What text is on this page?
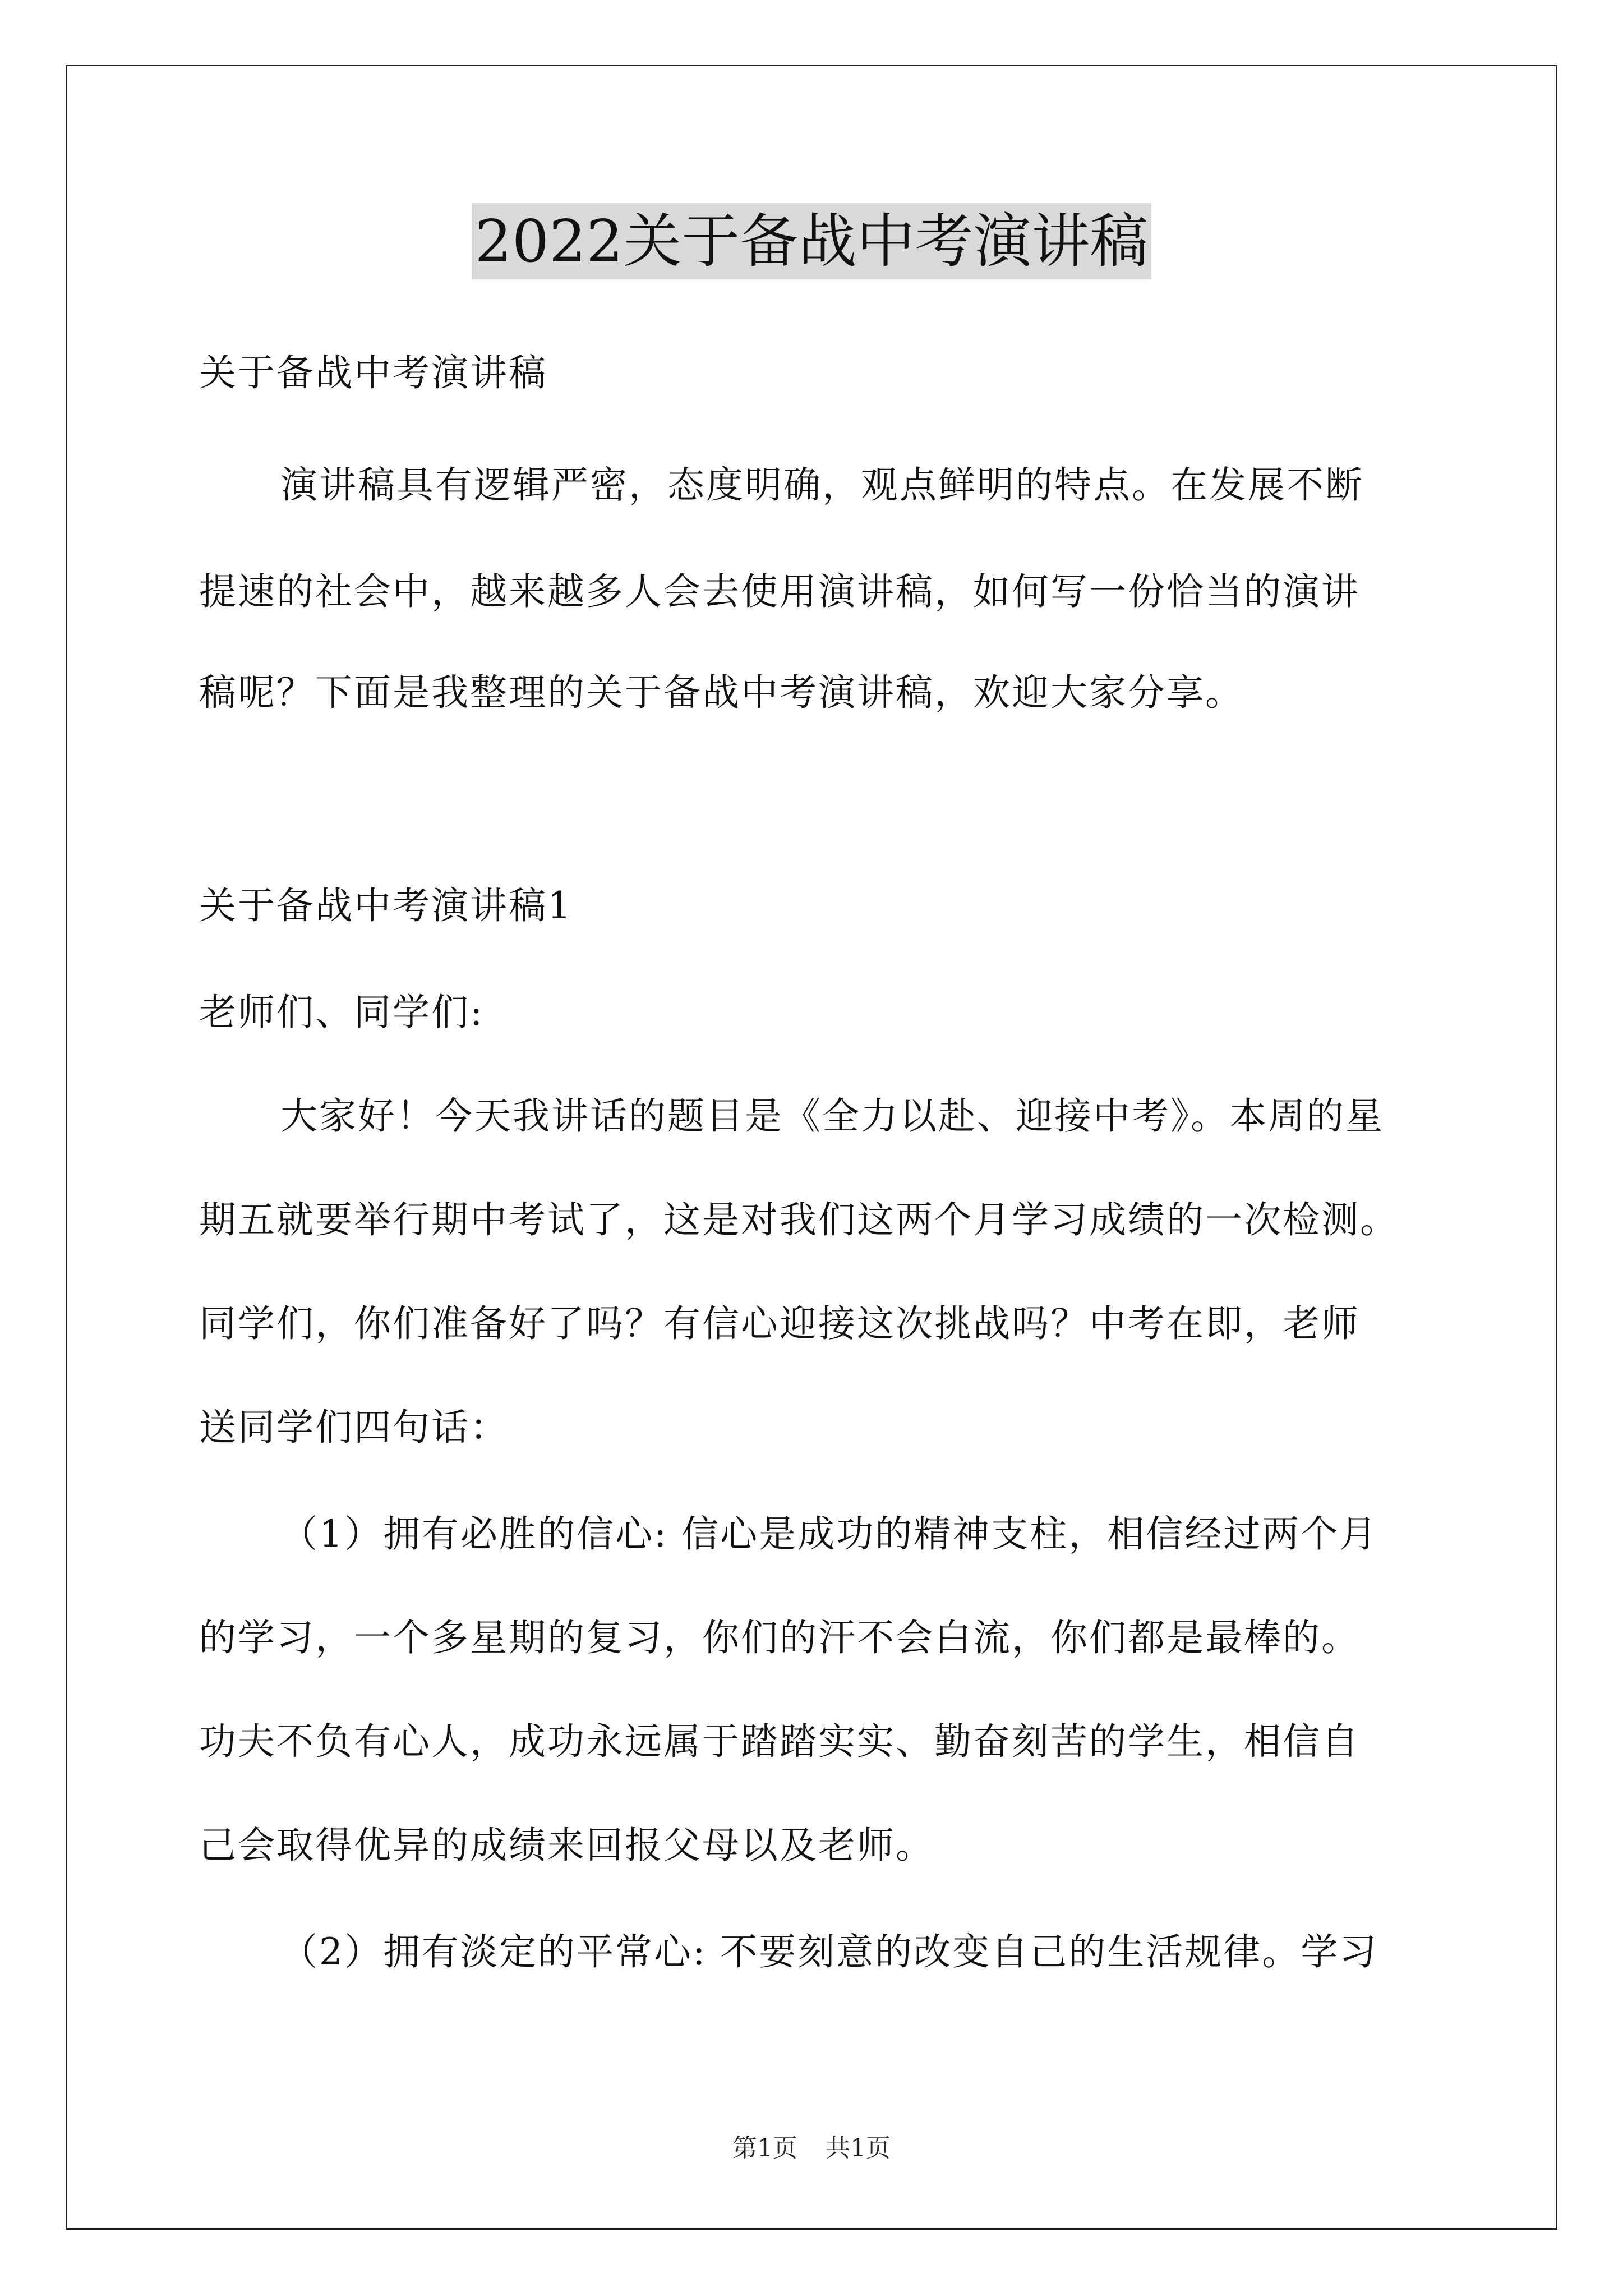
2022关于备战中考演讲稿
关于备战中考演讲稿
演讲稿具有逻辑严密，态度明确，观点鲜明的特点。在发展不断
提速的社会中，越来越多人会去使用演讲稿，如何写一份恰当的演讲
稿呢？下面是我整理的关于备战中考演讲稿，欢迎大家分享。
关于备战中考演讲稿1
老师们、同学们:
大家好！今天我讲话的题目是《全力以赴、迎接中考》。本周的星
期五就要举行期中考试了，这是对我们这两个月学习成绩的一次检测。
同学们，你们准备好了吗？有信心迎接这次挑战吗？中考在即，老师
送同学们四句话：
（1）拥有必胜的信心: 信心是成功的精神支柱，相信经过两个月
的学习，一个多星期的复习，你们的汗不会白流，你们都是最棒的。
功夫不负有心人，成功永远属于踏踏实实、勤奋刻苦的学生，相信自
己会取得优异的成绩来回报父母以及老师。
（2）拥有淡定的平常心: 不要刻意的改变自己的生活规律。学习
第1页 共1页
